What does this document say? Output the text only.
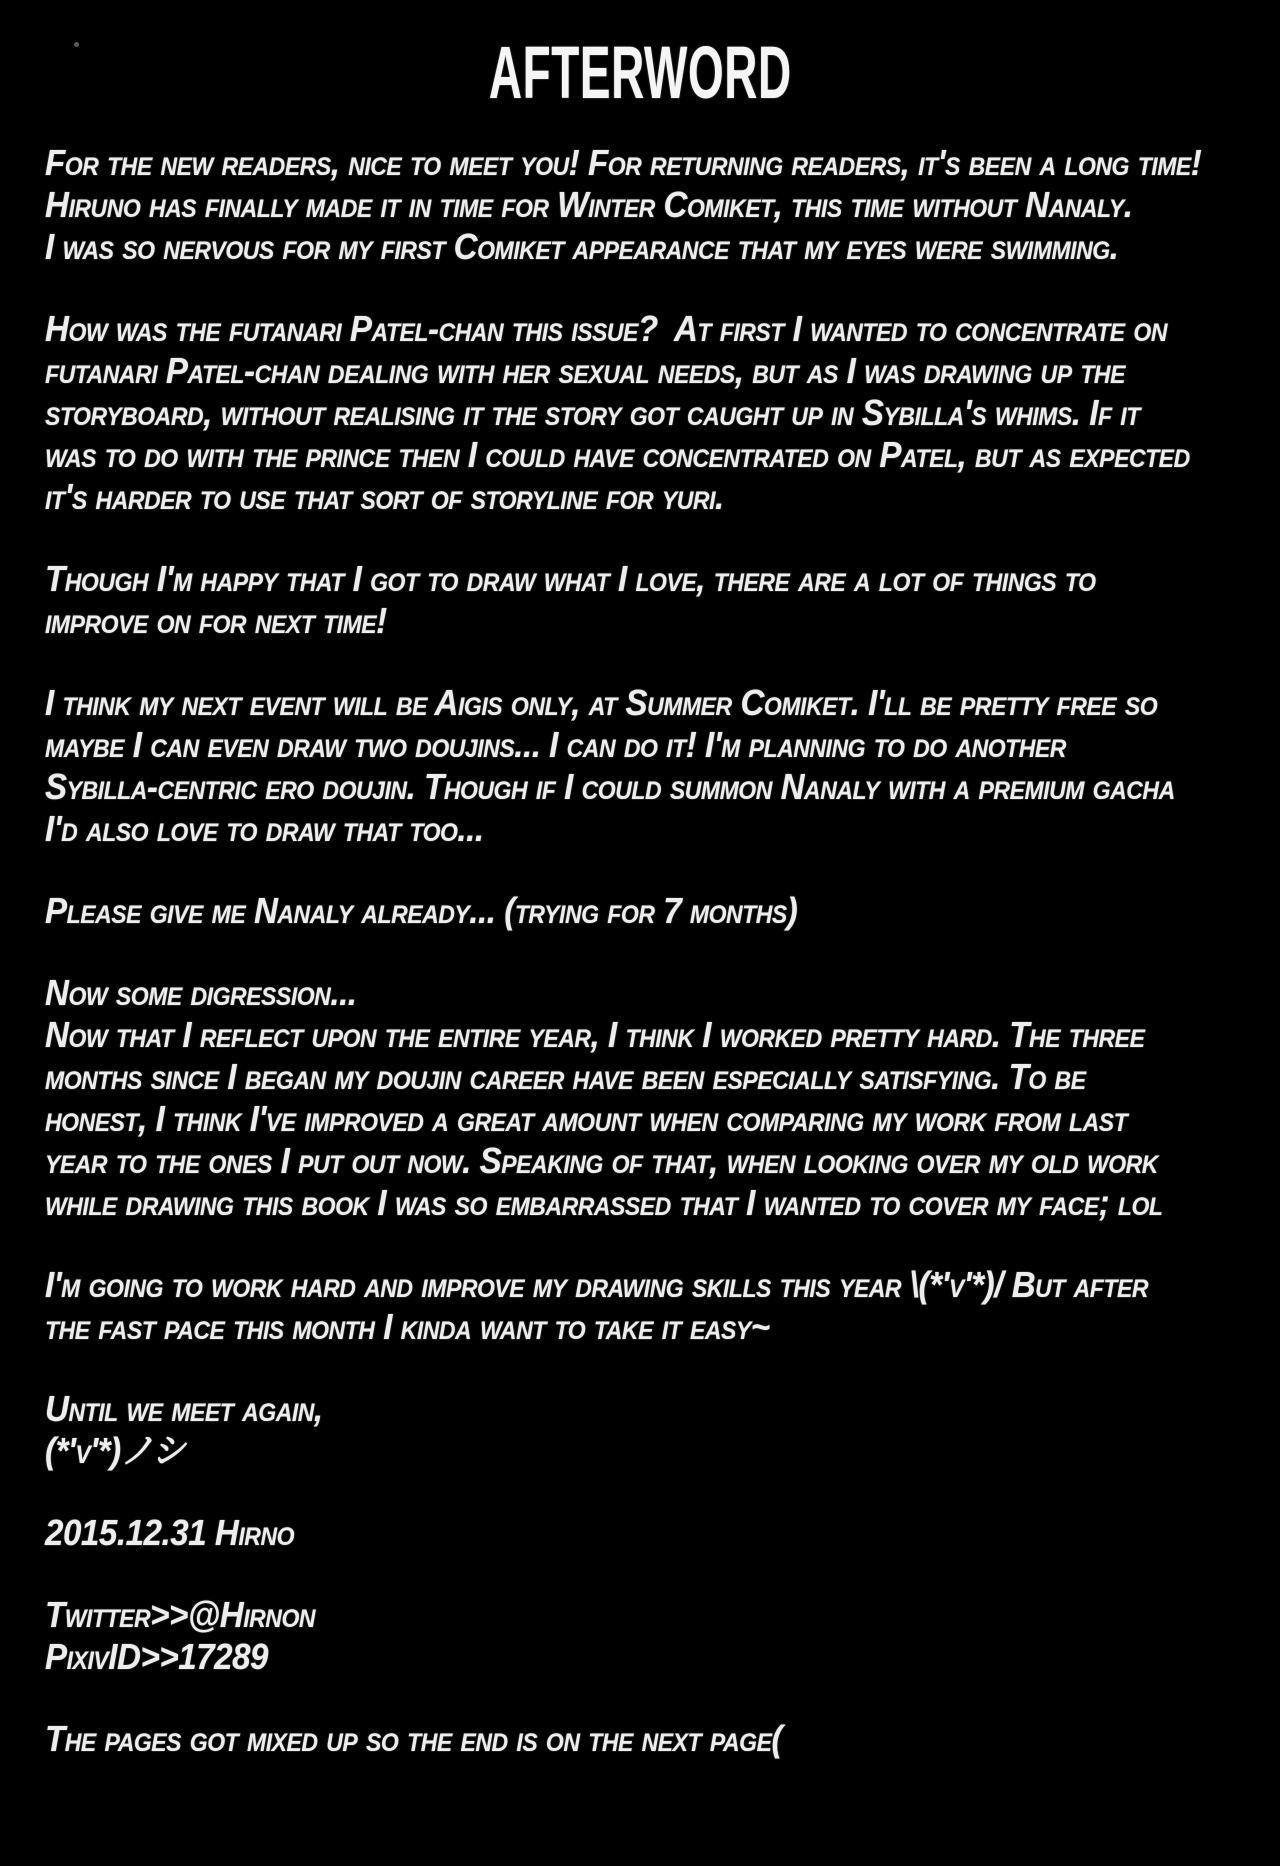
AFTERWORD
For the new readers, nice to meet you! For returning readers, it's been a long time!
Hiruno has finally made it in time for Winter Comiket, this time without Nanaly.
I was so nervous for my first Comiket appearance that my eyes were swimming.
How was the futanari Patel-chan this issue?  At first I wanted to concentrate on
futanari Patel-chan dealing with her sexual needs, but as I was drawing up the
storyboard, without realising it the story got caught up in Sybilla's whims. If it
was to do with the prince then I could have concentrated on Patel, but as expected
it's harder to use that sort of storyline for yuri.
Though I'm happy that I got to draw what I love, there are a lot of things to
improve on for next time!
I think my next event will be Aigis only, at Summer Comiket. I'll be pretty free so
maybe I can even draw two doujins... I can do it! I'm planning to do another
Sybilla-centric ero doujin. Though if I could summon Nanaly with a premium gacha
I'd also love to draw that too...
Please give me Nanaly already... (trying for 7 months)
Now some digression...
Now that I reflect upon the entire year, I think I worked pretty hard. The three
months since I began my doujin career have been especially satisfying. To be
honest, I think I've improved a great amount when comparing my work from last
year to the ones I put out now. Speaking of that, when looking over my old work
while drawing this book I was so embarrassed that I wanted to cover my face; lol
I'm going to work hard and improve my drawing skills this year \(*'v'*)/ But after
the fast pace this month I kinda want to take it easy~
Until we meet again,
(*'v'*)ノシ
2015.12.31 Hirno
Twitter>>@Hirnon
PixivID>>17289
The pages got mixed up so the end is on the next page(
